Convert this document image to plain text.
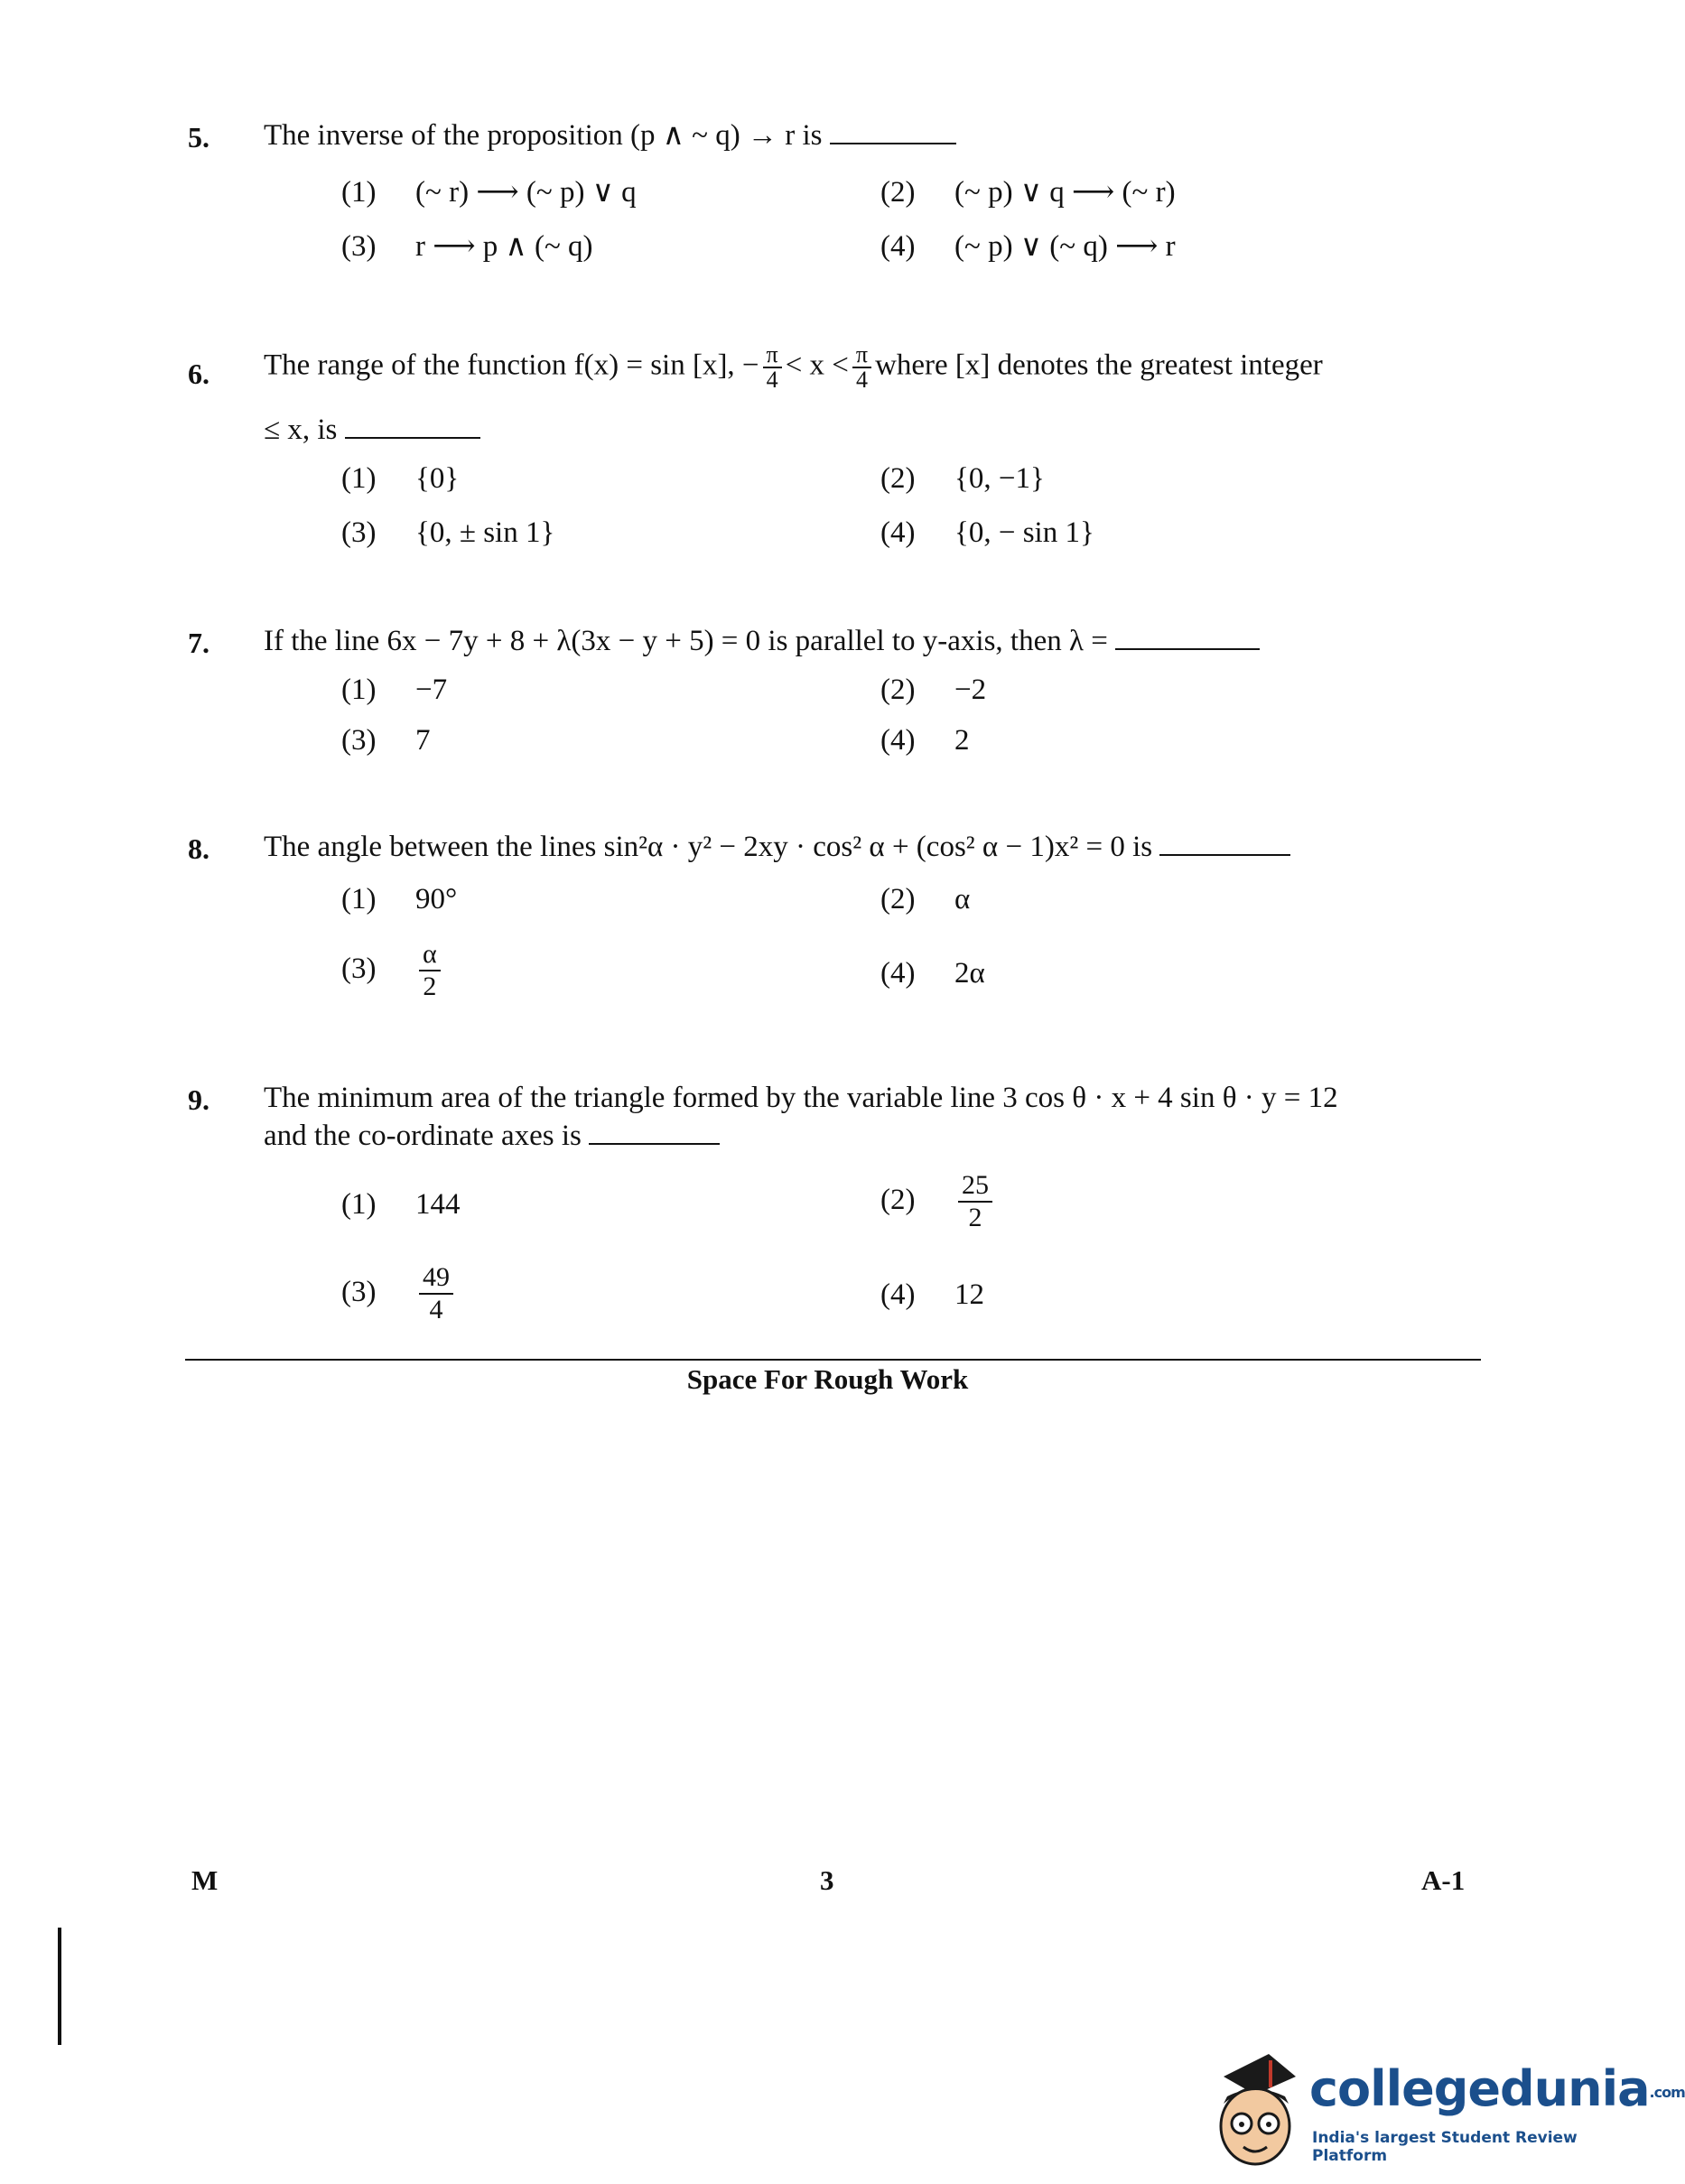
5. The inverse of the proposition (p ∧ ~ q) → r is
(1) (~ r) ⟶ (~ p) ∨ q	(2) (~ p) ∨ q ⟶ (~ r)
(3) r ⟶ p ∧ (~ q)	(4) (~ p) ∨ (~ q) ⟶ r
6. The range of the function f(x) = sin [x], − $\frac{\pi}{4} < x < \frac{\pi}{4}$ where [x] denotes the greatest integer
≤ x, is
(1) {0}	(2) {0, −1}
(3) {0, ± sin 1}	(4) {0, − sin 1}
7. If the line 6x − 7y + 8 + λ(3x − y + 5) = 0 is parallel to y-axis, then λ =
(1) −7	(2) −2
(3) 7	(4) 2
8. The angle between the lines sin²α · y² − 2xy · cos² α + (cos² α − 1)x² = 0 is
(1) 90°	(2) α
$(3) \frac{\alpha}{2}$	(4) 2α
9. The minimum area of the triangle formed by the variable line 3 cos θ · x + 4 sin θ · y = 12
and the co-ordinate axes is
(1) 144	$(2) \frac{25}{2}$
$(3) \frac{49}{4}$	(4) 12
Space For Rough Work
M	3	A-1
collegedunia.com
India's largest Student Review Platform
